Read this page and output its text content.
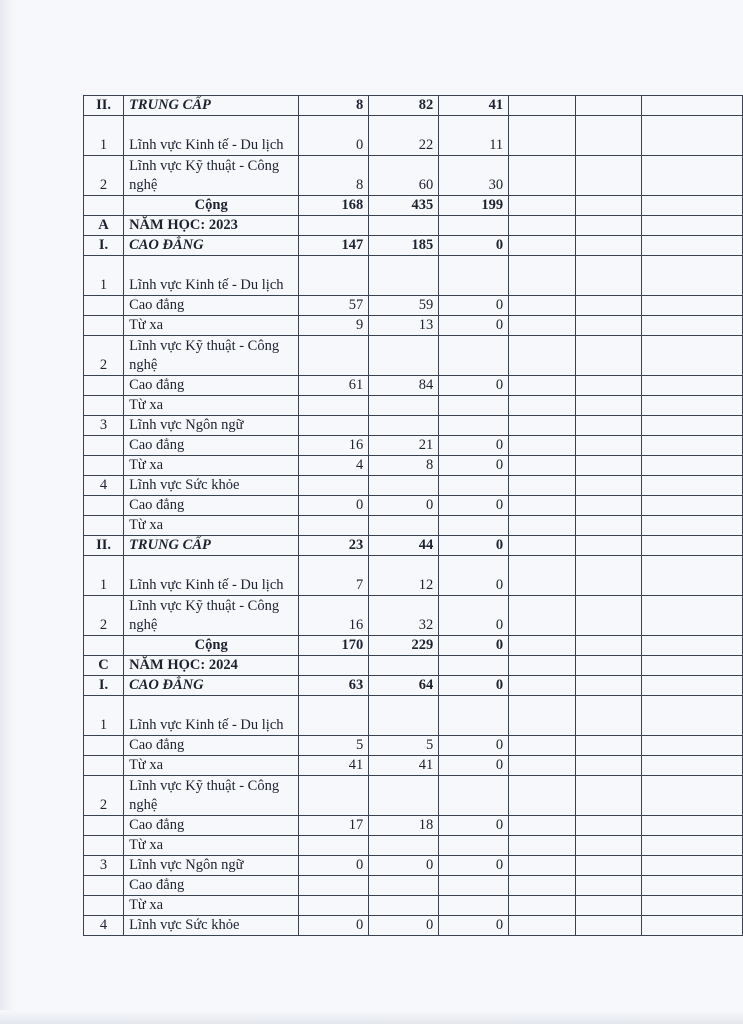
II.	TRUNG CẤP	8	82	41			
1	Lĩnh vực Kinh tế - Du lịch	0	22	11			
2	Lĩnh vực Kỹ thuật - Công nghệ	8	60	30			
	Cộng	168	435	199			
A	NĂM HỌC: 2023						
I.	CAO ĐẲNG	147	185	0			
1	Lĩnh vực Kinh tế - Du lịch						
	Cao đẳng	57	59	0			
	Từ xa	9	13	0			
2	Lĩnh vực Kỹ thuật - Công nghệ						
	Cao đẳng	61	84	0			
	Từ xa						
3	Lĩnh vực Ngôn ngữ						
	Cao đẳng	16	21	0			
	Từ xa	4	8	0			
4	Lĩnh vực Sức khỏe						
	Cao đẳng	0	0	0			
	Từ xa						
II.	TRUNG CẤP	23	44	0			
1	Lĩnh vực Kinh tế - Du lịch	7	12	0			
2	Lĩnh vực Kỹ thuật - Công nghệ	16	32	0			
	Cộng	170	229	0			
C	NĂM HỌC: 2024						
I.	CAO ĐẲNG	63	64	0			
1	Lĩnh vực Kinh tế - Du lịch						
	Cao đẳng	5	5	0			
	Từ xa	41	41	0			
2	Lĩnh vực Kỹ thuật - Công nghệ						
	Cao đẳng	17	18	0			
	Từ xa						
3	Lĩnh vực Ngôn ngữ	0	0	0			
	Cao đẳng						
	Từ xa						
4	Lĩnh vực Sức khỏe	0	0	0			
